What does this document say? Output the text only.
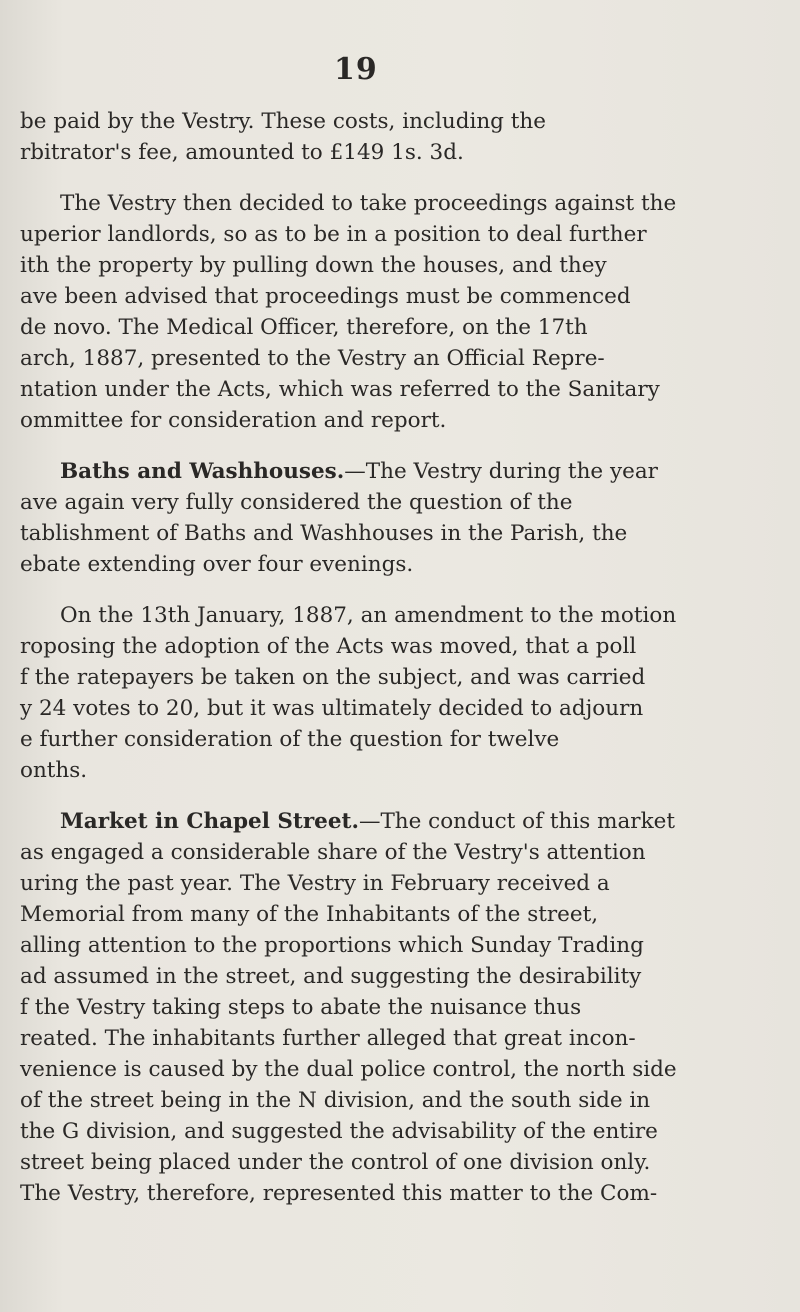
19

be paid by the Vestry. These costs, including the
rbitrator's fee, amounted to £149 1s. 3d.

The Vestry then decided to take proceedings against the
uperior landlords, so as to be in a position to deal further
ith the property by pulling down the houses, and they
ave been advised that proceedings must be commenced
de novo. The Medical Officer, therefore, on the 17th
arch, 1887, presented to the Vestry an Official Repre-
ntation under the Acts, which was referred to the Sanitary
ommittee for consideration and report.

Baths and Washhouses.—The Vestry during the year
ave again very fully considered the question of the
tablishment of Baths and Washhouses in the Parish, the
ebate extending over four evenings.

On the 13th January, 1887, an amendment to the motion
roposing the adoption of the Acts was moved, that a poll
f the ratepayers be taken on the subject, and was carried
y 24 votes to 20, but it was ultimately decided to adjourn
e further consideration of the question for twelve
onths.

Market in Chapel Street.—The conduct of this market
as engaged a considerable share of the Vestry's attention
uring the past year. The Vestry in February received a
Memorial from many of the Inhabitants of the street,
alling attention to the proportions which Sunday Trading
ad assumed in the street, and suggesting the desirability
f the Vestry taking steps to abate the nuisance thus
reated. The inhabitants further alleged that great incon-
venience is caused by the dual police control, the north side
of the street being in the N division, and the south side in
the G division, and suggested the advisability of the entire
street being placed under the control of one division only.
The Vestry, therefore, represented this matter to the Com-
